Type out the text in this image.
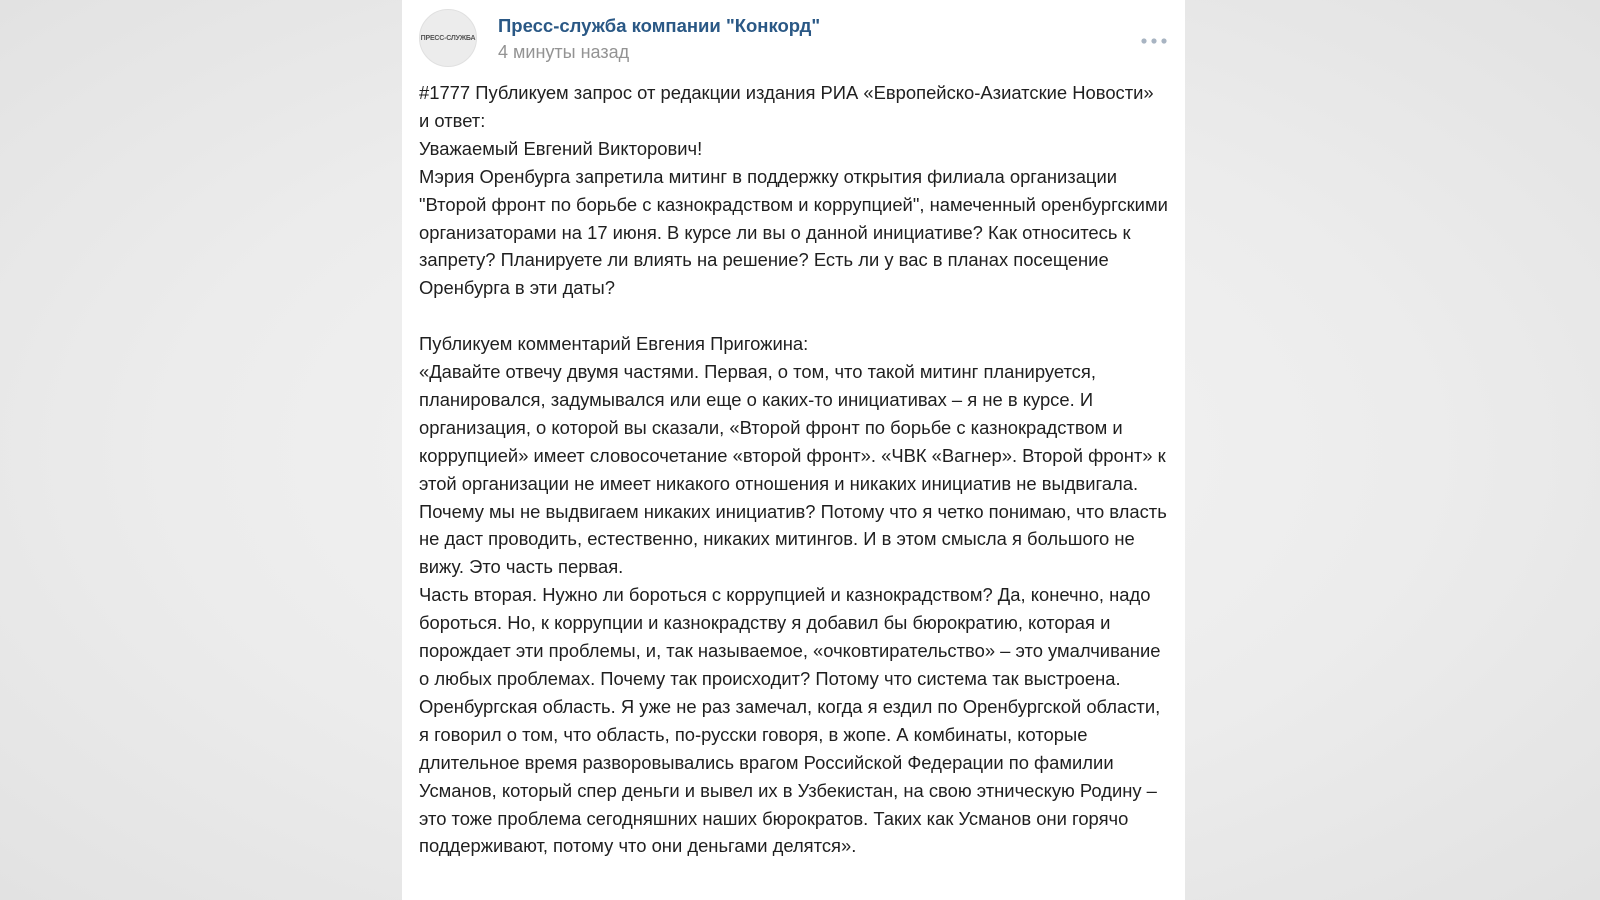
ПРЕСС-СЛУЖБА
Пресс-служба компании "Конкорд"
4 минуты назад

#1777 Публикуем запрос от редакции издания РИА «Европейско-Азиатские Новости» и ответ:

Уважаемый Евгений Викторович!

Мэрия Оренбурга запретила митинг в поддержку открытия филиала организации "Второй фронт по борьбе с казнокрадством и коррупцией", намеченный оренбургскими организаторами на 17 июня. В курсе ли вы о данной инициативе? Как относитесь к запрету? Планируете ли влиять на решение? Есть ли у вас в планах посещение Оренбурга в эти даты?

Публикуем комментарий Евгения Пригожина:

«Давайте отвечу двумя частями. Первая, о том, что такой митинг планируется, планировался, задумывался или еще о каких-то инициативах – я не в курсе. И организация, о которой вы сказали, «Второй фронт по борьбе с казнокрадством и коррупцией» имеет словосочетание «второй фронт». «ЧВК «Вагнер». Второй фронт» к этой организации не имеет никакого отношения и никаких инициатив не выдвигала. Почему мы не выдвигаем никаких инициатив? Потому что я четко понимаю, что власть не даст проводить, естественно, никаких митингов. И в этом смысла я большого не вижу. Это часть первая.

Часть вторая. Нужно ли бороться с коррупцией и казнокрадством? Да, конечно, надо бороться. Но, к коррупции и казнокрадству я добавил бы бюрократию, которая и порождает эти проблемы, и, так называемое, «очковтирательство» – это умалчивание о любых проблемах. Почему так происходит? Потому что система так выстроена. Оренбургская область. Я уже не раз замечал, когда я ездил по Оренбургской области, я говорил о том, что область, по-русски говоря, в жопе. А комбинаты, которые длительное время разворовывались врагом Российской Федерации по фамилии Усманов, который спер деньги и вывел их в Узбекистан, на свою этническую Родину – это тоже проблема сегодняшних наших бюрократов. Таких как Усманов они горячо поддерживают, потому что они деньгами делятся».
